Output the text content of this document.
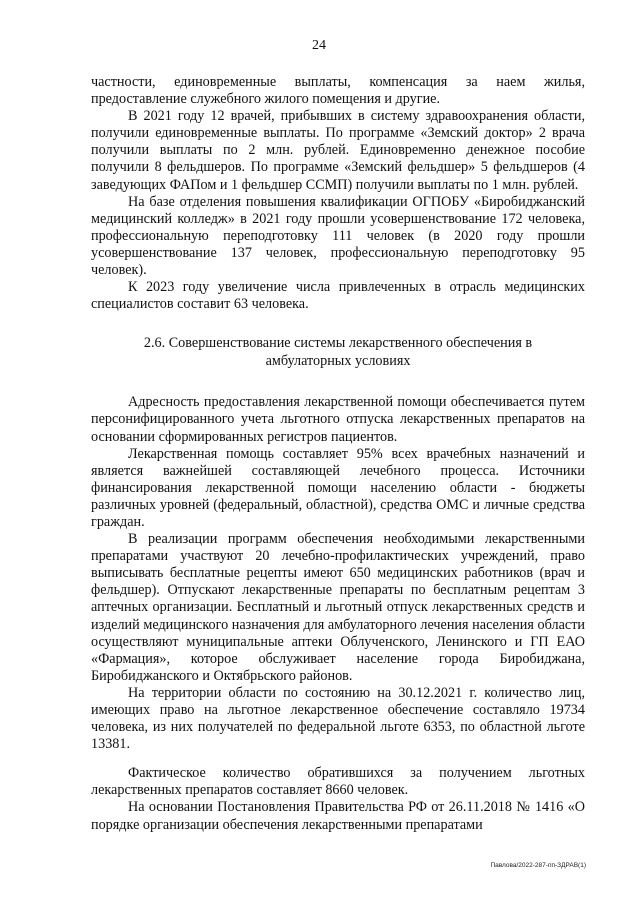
24

частности, единовременные выплаты, компенсация за наем жилья, предоставление служебного жилого помещения и другие.

В 2021 году 12 врачей, прибывших в систему здравоохранения области, получили единовременные выплаты. По программе «Земский доктор» 2 врача получили выплаты по 2 млн. рублей. Единовременно денежное пособие получили 8 фельдшеров. По программе «Земский фельдшер» 5 фельдшеров (4 заведующих ФАПом и 1 фельдшер ССМП) получили выплаты по 1 млн. рублей.

На базе отделения повышения квалификации ОГПОБУ «Биробиджанский медицинский колледж» в 2021 году прошли усовершенствование 172 человека, профессиональную переподготовку 111 человек (в 2020 году прошли усовершенствование 137 человек, профессиональную переподготовку 95 человек).

К 2023 году увеличение числа привлеченных в отрасль медицинских специалистов составит 63 человека.

2.6. Совершенствование системы лекарственного обеспечения в амбулаторных условиях

Адресность предоставления лекарственной помощи обеспечивается путем персонифицированного учета льготного отпуска лекарственных препаратов на основании сформированных регистров пациентов.

Лекарственная помощь составляет 95% всех врачебных назначений и является важнейшей составляющей лечебного процесса. Источники финансирования лекарственной помощи населению области - бюджеты различных уровней (федеральный, областной), средства ОМС и личные средства граждан.

В реализации программ обеспечения необходимыми лекарственными препаратами участвуют 20 лечебно-профилактических учреждений, право выписывать бесплатные рецепты имеют 650 медицинских работников (врач и фельдшер). Отпускают лекарственные препараты по бесплатным рецептам 3 аптечных организации. Бесплатный и льготный отпуск лекарственных средств и изделий медицинского назначения для амбулаторного лечения населения области осуществляют муниципальные аптеки Облученского, Ленинского и ГП ЕАО «Фармация», которое обслуживает население города Биробиджана, Биробиджанского и Октябрьского районов.

На территории области по состоянию на 30.12.2021 г. количество лиц, имеющих право на льготное лекарственное обеспечение составляло 19734 человека, из них получателей по федеральной льготе 6353, по областной льготе 13381.

Фактическое количество обратившихся за получением льготных лекарственных препаратов составляет 8660 человек.

На основании Постановления Правительства РФ от 26.11.2018 № 1416 «О порядке организации обеспечения лекарственными препаратами

Павлова/2022-287-пп-ЗДРАВ(1)
